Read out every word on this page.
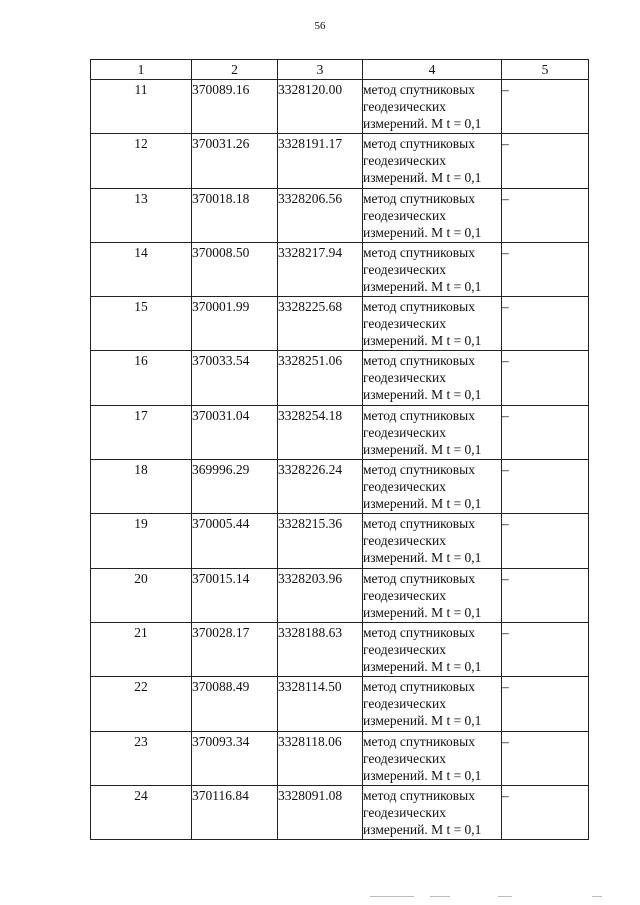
56
1	2	3	4	5
11	370089.16	3328120.00	метод спутниковых геодезических измерений. M t = 0,1	–
12	370031.26	3328191.17	метод спутниковых геодезических измерений. M t = 0,1	–
13	370018.18	3328206.56	метод спутниковых геодезических измерений. M t = 0,1	–
14	370008.50	3328217.94	метод спутниковых геодезических измерений. M t = 0,1	–
15	370001.99	3328225.68	метод спутниковых геодезических измерений. M t = 0,1	–
16	370033.54	3328251.06	метод спутниковых геодезических измерений. M t = 0,1	–
17	370031.04	3328254.18	метод спутниковых геодезических измерений. M t = 0,1	–
18	369996.29	3328226.24	метод спутниковых геодезических измерений. M t = 0,1	–
19	370005.44	3328215.36	метод спутниковых геодезических измерений. M t = 0,1	–
20	370015.14	3328203.96	метод спутниковых геодезических измерений. M t = 0,1	–
21	370028.17	3328188.63	метод спутниковых геодезических измерений. M t = 0,1	–
22	370088.49	3328114.50	метод спутниковых геодезических измерений. M t = 0,1	–
23	370093.34	3328118.06	метод спутниковых геодезических измерений. M t = 0,1	–
24	370116.84	3328091.08	метод спутниковых геодезических измерений. M t = 0,1	–
